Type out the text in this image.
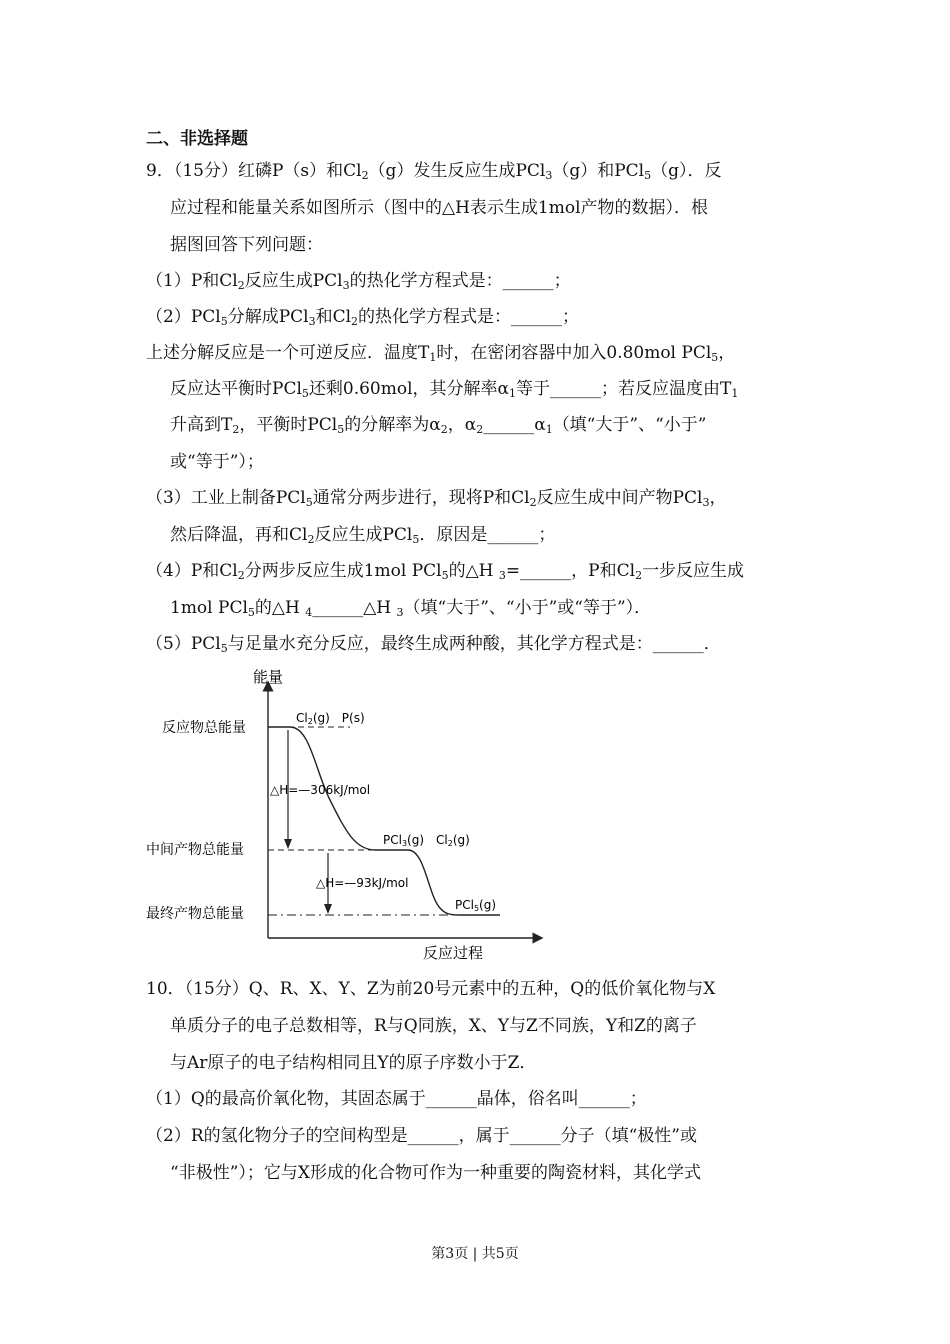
二、非选择题
9．（15分）红磷P（s）和$Cl_2(g)$发生反应生成PCl$_3$（g）和PCl$_5$（g）．反
应过程和能量关系如图所示（图中的△H表示生成1mol产物的数据）．根
据图回答下列问题：
（1）P和$Cl_2$反应生成PCl$_3$的热化学方程式是：______；
（2）PCl$_5$分解成PCl$_3$和$Cl_2$的热化学方程式是：______；
上述分解反应是一个可逆反应．温度$T_1$时，在密闭容器中加入0.80mol PCl$_5$，
反应达平衡时PCl$_5$还剩0.60mol，其分解率$\alpha_1$等于______；若反应温度由$T_1$
升高到$T_2$，平衡时PCl$_5$的分解率为$\alpha_2$，$\alpha_2\_\_\_\_\_\_\alpha_1$（填“大于”、“小于”
或“等于”）；
（3）工业上制备PCl$_5$通常分两步进行，现将P和$Cl_2$反应生成中间产物PCl$_3$，
然后降温，再和$Cl_2$反应生成PCl$_5$．原因是______；
（4）P和$Cl_2$分两步反应生成1mol PCl$_5$的△H $_3$=______，P和$Cl_2$一步反应生成
1mol PCl$_5$的△H $_4$______△H $_3$（填“大于”、“小于”或“等于”）．
（5）PCl$_5$与足量水充分反应，最终生成两种酸，其化学方程式是：______．
能量
反应过程
反应物总能量
中间产物总能量
最终产物总能量
△H=—306kJ/mol
△H=—93kJ/mol
Cl2(g) P(s)
PCl3(g) Cl2(g)
PCl5(g)
10．（15分）Q、R、X、Y、Z为前20号元素中的五种，Q的低价氧化物与X
单质分子的电子总数相等，R与Q同族，X、Y与Z不同族，Y和Z的离子
与Ar原子的电子结构相同且Y的原子序数小于Z．
（1）Q的最高价氧化物，其固态属于______晶体，俗名叫______；
（2）R的氢化物分子的空间构型是______，属于______分子（填“极性”或
“非极性”）；它与X形成的化合物可作为一种重要的陶瓷材料，其化学式
第3页 | 共5页
